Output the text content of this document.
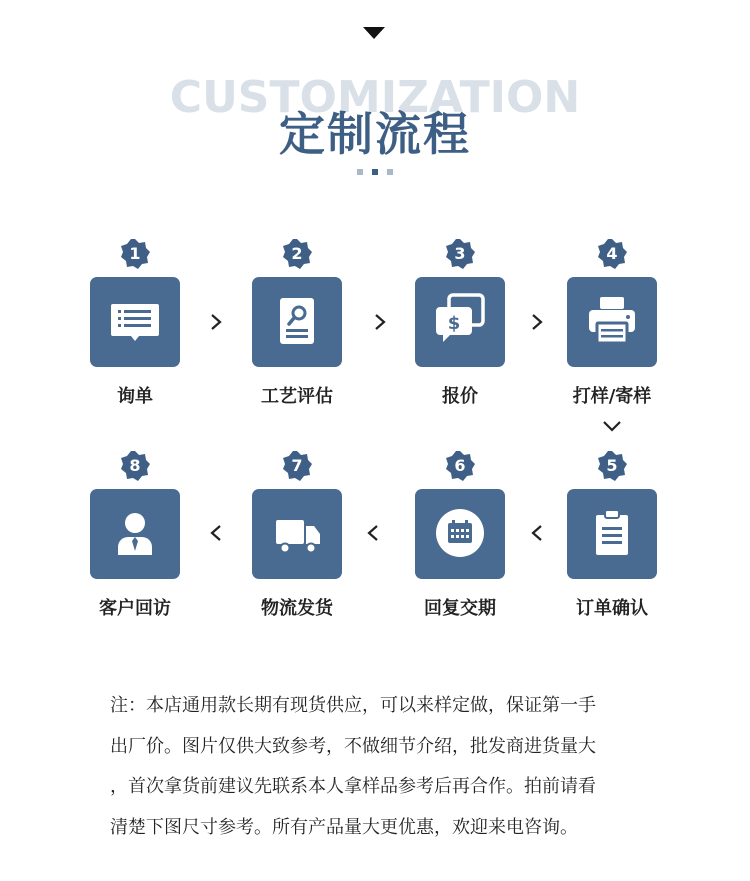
CUSTOMIZATION
定制流程
1
询单
2
工艺评估
3
$
报价
4
打样/寄样
8
客户回访
7
物流发货
6
回复交期
5
订单确认
注：本店通用款长期有现货供应，可以来样定做，保证第一手
出厂价。图片仅供大致参考，不做细节介绍，批发商进货量大
，首次拿货前建议先联系本人拿样品参考后再合作。拍前请看
清楚下图尺寸参考。所有产品量大更优惠，欢迎来电咨询。
